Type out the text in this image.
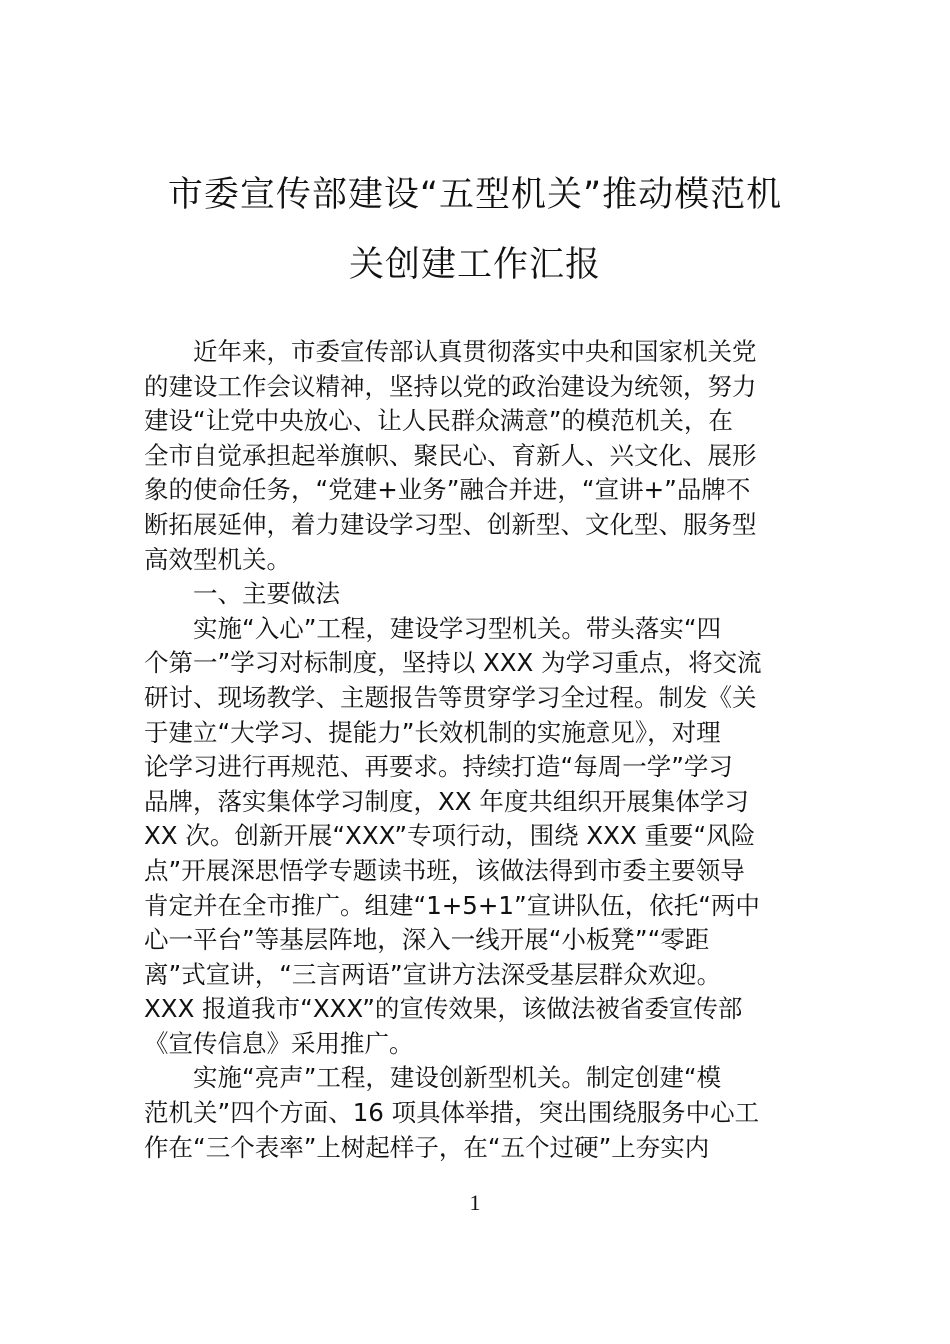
市委宣传部建设“五型机关”推动模范机
关创建工作汇报
近年来，市委宣传部认真贯彻落实中央和国家机关党
的建设工作会议精神，坚持以党的政治建设为统领，努力
建设“让党中央放心、让人民群众满意”的模范机关，在
全市自觉承担起举旗帜、聚民心、育新人、兴文化、展形
象的使命任务，“党建+业务”融合并进，“宣讲+”品牌不
断拓展延伸，着力建设学习型、创新型、文化型、服务型
高效型机关。
一、主要做法
实施“入心”工程，建设学习型机关。带头落实“四
个第一”学习对标制度，坚持以 XXX 为学习重点，将交流
研讨、现场教学、主题报告等贯穿学习全过程。制发《关
于建立“大学习、提能力”长效机制的实施意见》，对理
论学习进行再规范、再要求。持续打造“每周一学”学习
品牌，落实集体学习制度，XX 年度共组织开展集体学习
XX 次。创新开展“XXX”专项行动，围绕 XXX 重要“风险
点”开展深思悟学专题读书班，该做法得到市委主要领导
肯定并在全市推广。组建“1+5+1”宣讲队伍，依托“两中
心一平台”等基层阵地，深入一线开展“小板凳”“零距
离”式宣讲，“三言两语”宣讲方法深受基层群众欢迎。
XXX 报道我市“XXX”的宣传效果，该做法被省委宣传部
《宣传信息》采用推广。
实施“亮声”工程，建设创新型机关。制定创建“模
范机关”四个方面、16 项具体举措，突出围绕服务中心工
作在“三个表率”上树起样子，在“五个过硬”上夯实内
1
